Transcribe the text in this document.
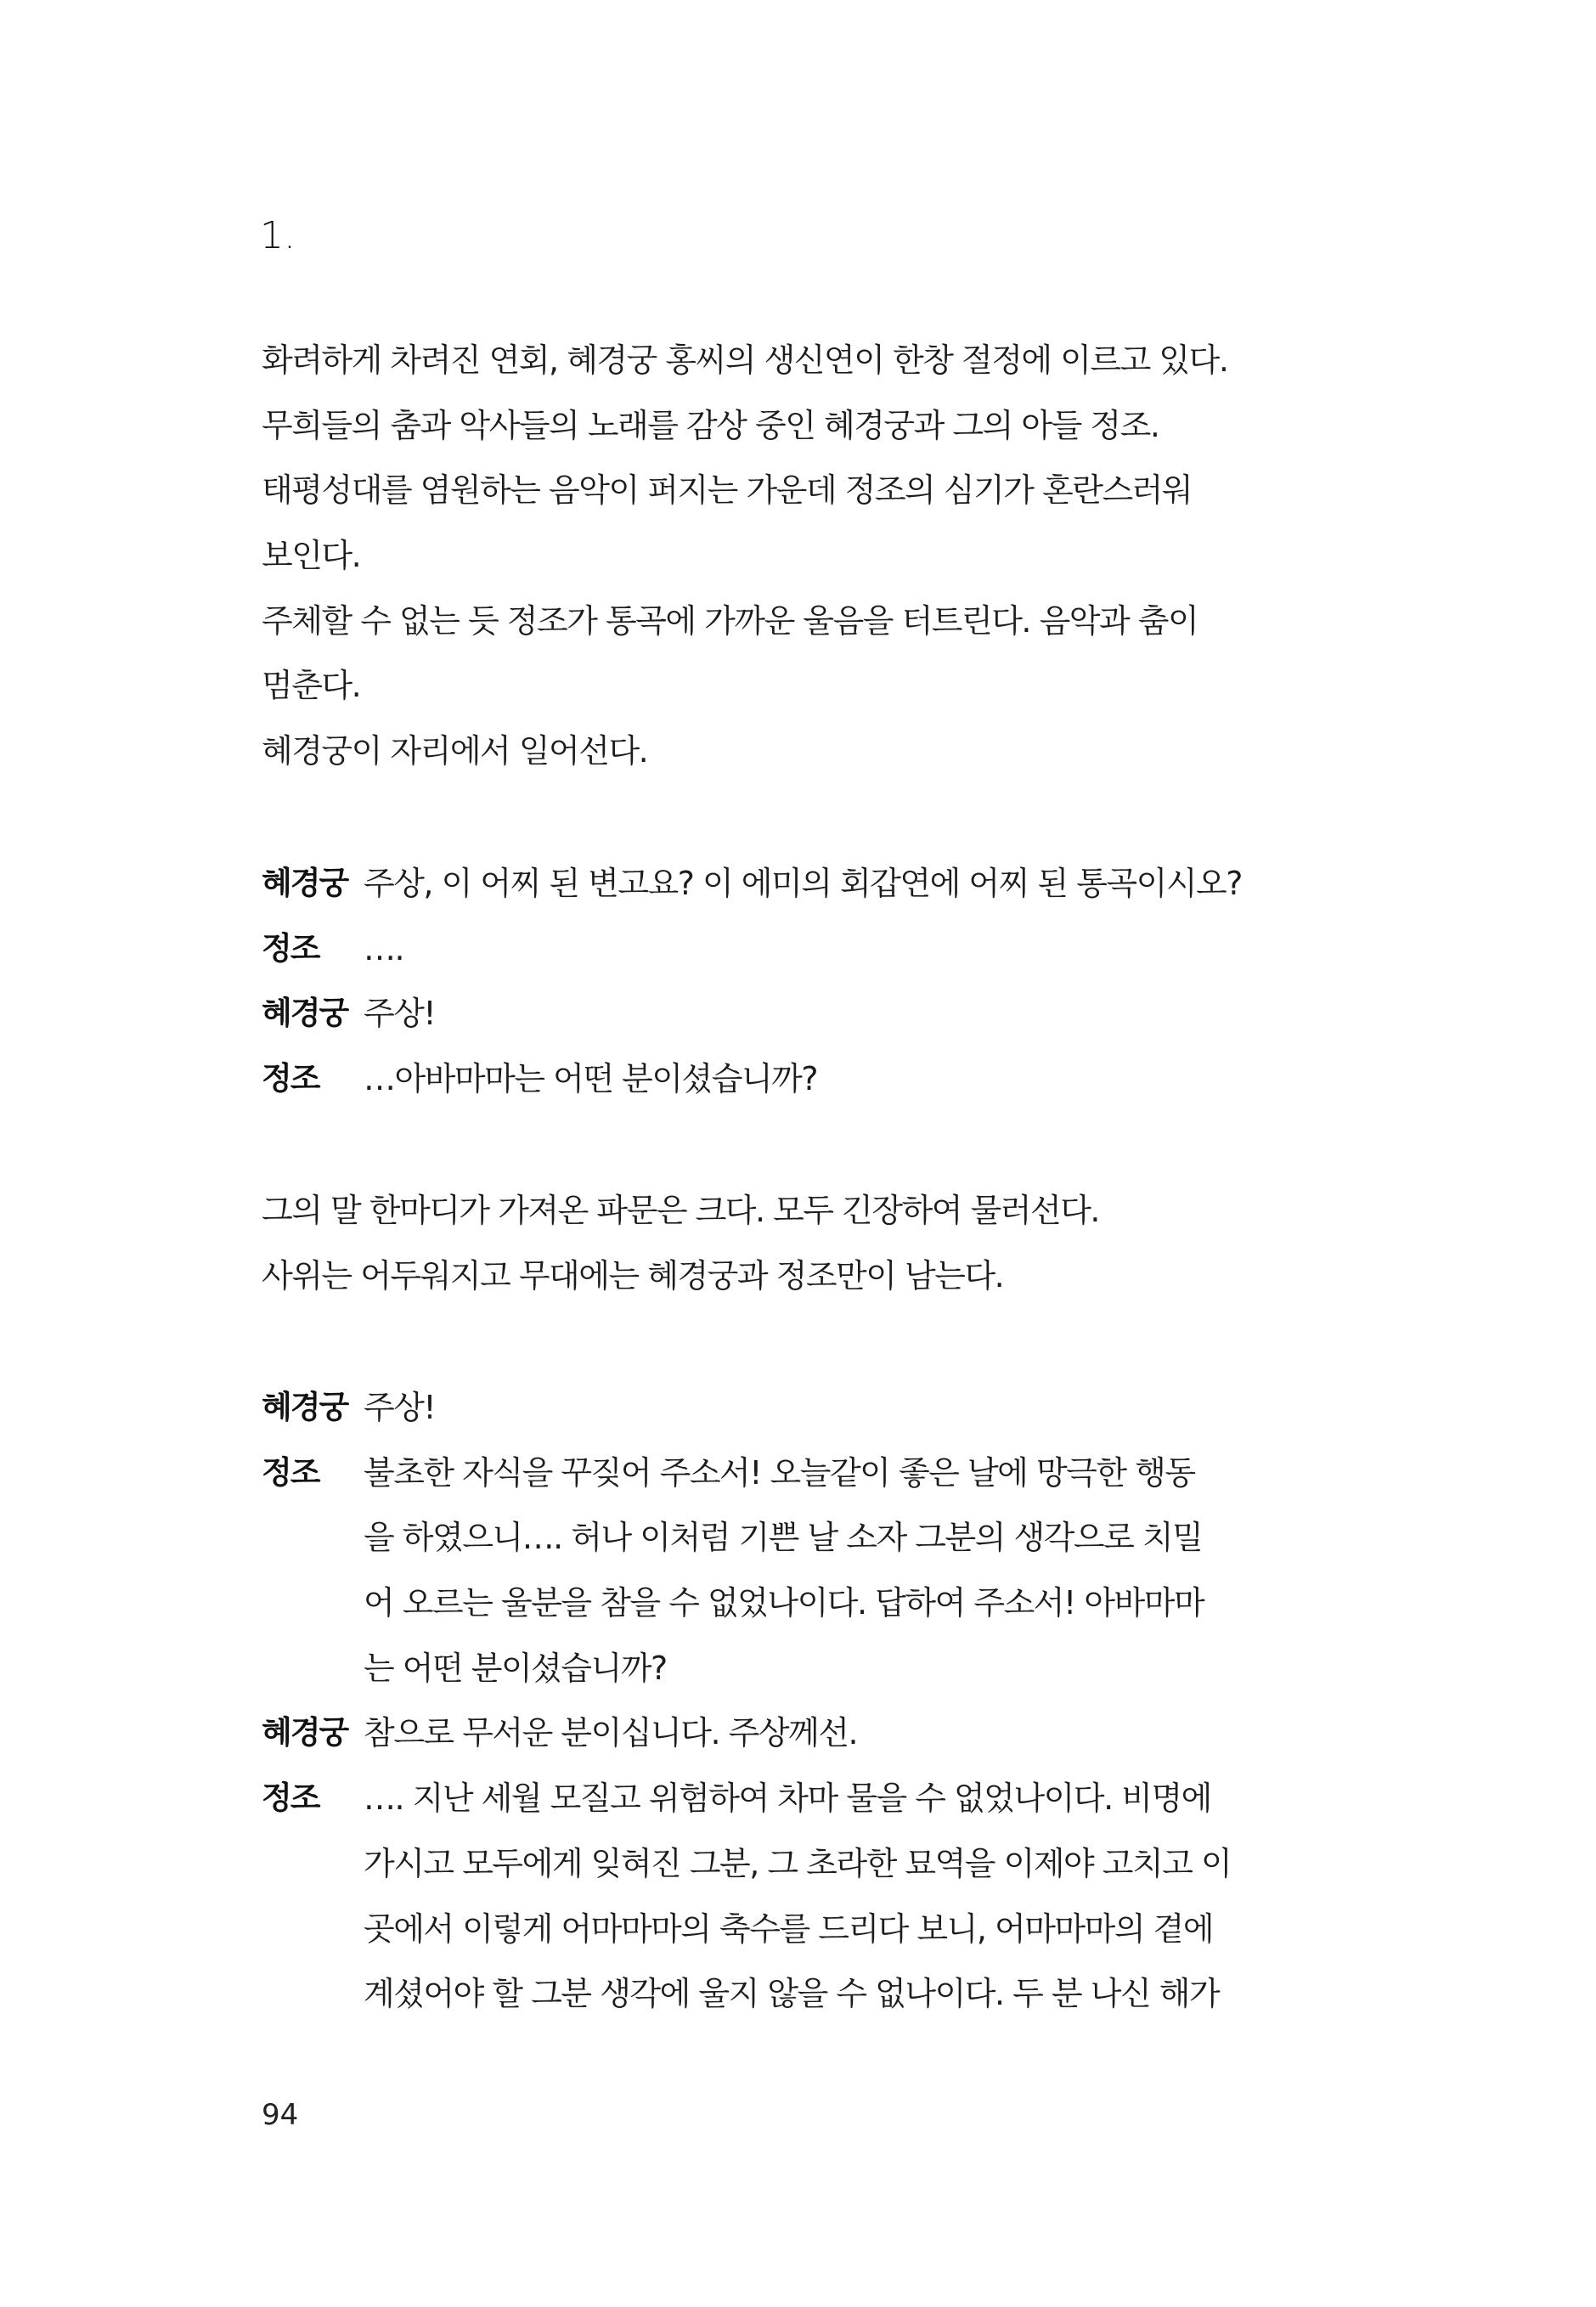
1.
화려하게 차려진 연회, 혜경궁 홍씨의 생신연이 한창 절정에 이르고 있다.
무희들의 춤과 악사들의 노래를 감상 중인 혜경궁과 그의 아들 정조.
태평성대를 염원하는 음악이 퍼지는 가운데 정조의 심기가 혼란스러워
보인다.
주체할 수 없는 듯 정조가 통곡에 가까운 울음을 터트린다. 음악과 춤이
멈춘다.
혜경궁이 자리에서 일어선다.
혜경궁 주상, 이 어찌 된 변고요? 이 에미의 회갑연에 어찌 된 통곡이시오?
정조	….
혜경궁 주상!
정조	…아바마마는 어떤 분이셨습니까?
그의 말 한마디가 가져온 파문은 크다. 모두 긴장하여 물러선다.
사위는 어두워지고 무대에는 혜경궁과 정조만이 남는다.
혜경궁 주상!
정조	불초한 자식을 꾸짖어 주소서! 오늘같이 좋은 날에 망극한 행동
을 하였으니…. 허나 이처럼 기쁜 날 소자 그분의 생각으로 치밀
어 오르는 울분을 참을 수 없었나이다. 답하여 주소서! 아바마마
는 어떤 분이셨습니까?
혜경궁 참으로 무서운 분이십니다. 주상께선.
정조	…. 지난 세월 모질고 위험하여 차마 물을 수 없었나이다. 비명에
가시고 모두에게 잊혀진 그분, 그 초라한 묘역을 이제야 고치고 이
곳에서 이렇게 어마마마의 축수를 드리다 보니, 어마마마의 곁에
계셨어야 할 그분 생각에 울지 않을 수 없나이다. 두 분 나신 해가
94
